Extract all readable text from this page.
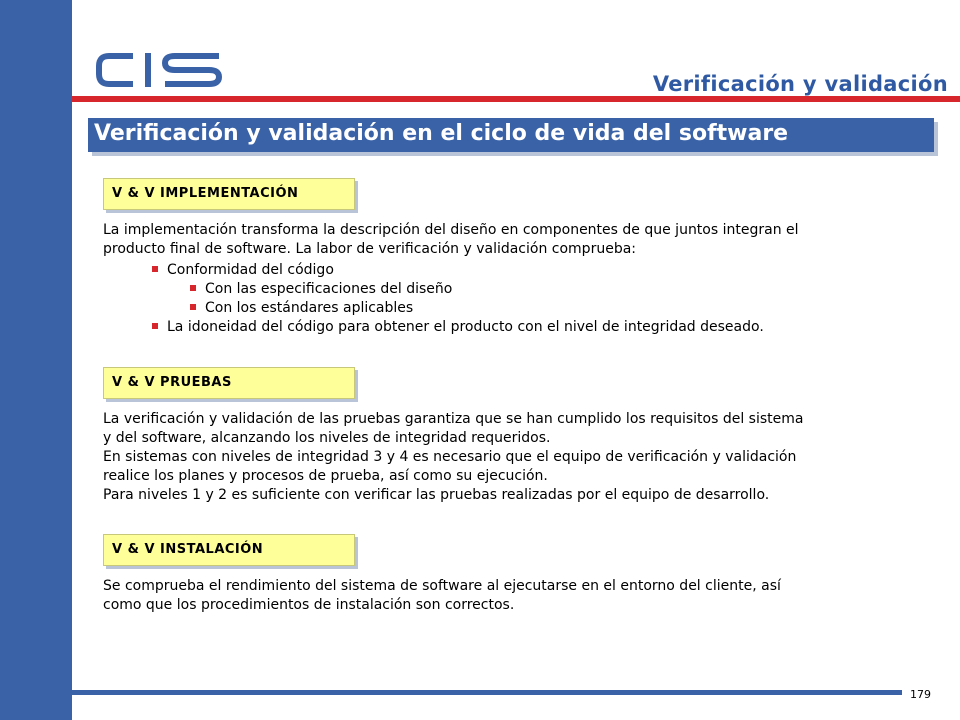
Verificación y validación
Verificación y validación en el ciclo de vida del software
V & V IMPLEMENTACIÓN

La implementación transforma la descripción del diseño en componentes de que juntos integran el

producto final de software. La labor de verificación y validación comprueba:

Conformidad del código
Con las especificaciones del diseño
Con los estándares aplicables
La idoneidad del código para obtener el producto con el nivel de integridad deseado.
V & V PRUEBAS

La verificación y validación de las pruebas garantiza que se han cumplido los requisitos del sistema

y del software, alcanzando los niveles de integridad requeridos.

En sistemas con niveles de integridad 3 y 4 es necesario que el equipo de verificación y validación

realice los planes y procesos de prueba, así como su ejecución.

Para niveles 1 y 2 es suficiente con verificar las pruebas realizadas por el equipo de desarrollo.

V & V INSTALACIÓN

Se comprueba el rendimiento del sistema de software al ejecutarse en el entorno del cliente, así

como que los procedimientos de instalación son correctos.

179
